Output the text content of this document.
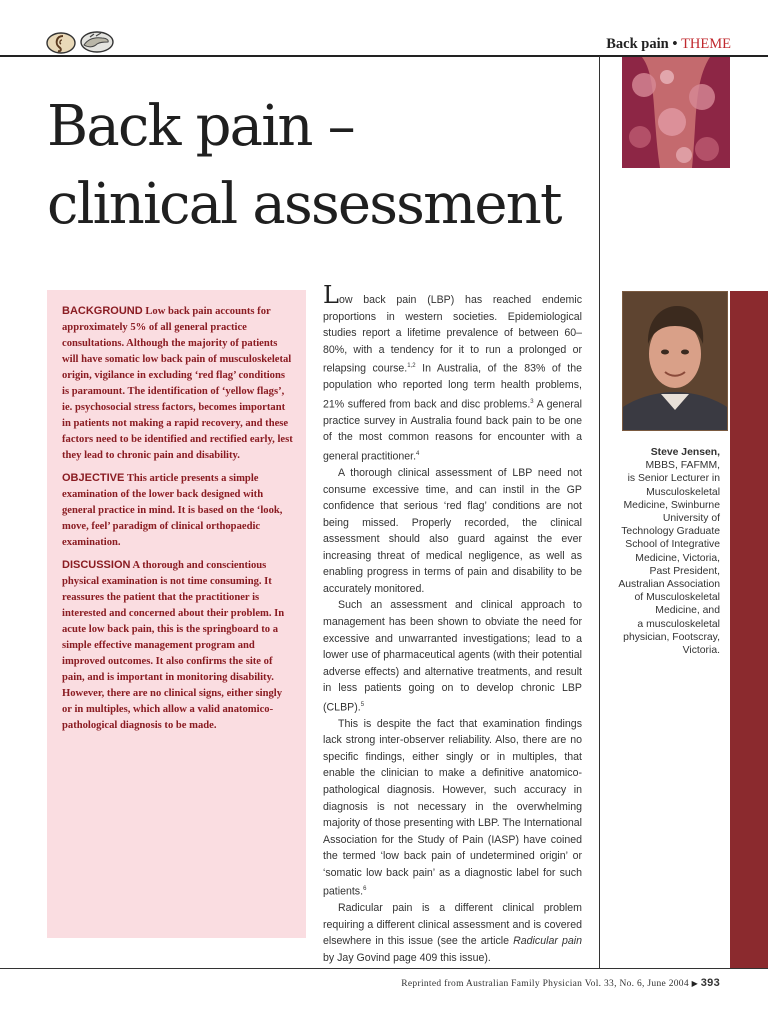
Back pain • THEME
Back pain –
clinical assessment

BACKGROUND Low back pain accounts for approximately 5% of all general practice consultations. Although the majority of patients will have somatic low back pain of musculoskeletal origin, vigilance in excluding ‘red flag’ conditions is paramount. The identification of ‘yellow flags’, ie. psychosocial stress factors, becomes important in patients not making a rapid recovery, and these factors need to be identified and rectified early, lest they lead to chronic pain and disability.

OBJECTIVE This article presents a simple examination of the lower back designed with general practice in mind. It is based on the ‘look, move, feel’ paradigm of clinical orthopaedic examination.

DISCUSSION A thorough and conscientious physical examination is not time consuming. It reassures the patient that the practitioner is interested and concerned about their problem. In acute low back pain, this is the springboard to a simple effective management program and improved outcomes. It also confirms the site of pain, and is important in monitoring disability. However, there are no clinical signs, either singly or in multiples, which allow a valid anatomico-pathological diagnosis to be made.

Low back pain (LBP) has reached endemic proportions in western societies. Epidemiological studies report a lifetime prevalence of between 60–80%, with a tendency for it to run a prolonged or relapsing course.$^{1,2}$ In Australia, of the 83% of the population who reported long term health problems, 21% suffered from back and disc problems.$^3$ A general practice survey in Australia found back pain to be one of the most common reasons for encounter with a general practitioner.$^4$

A thorough clinical assessment of LBP need not consume excessive time, and can instil in the GP confidence that serious ‘red flag’ conditions are not being missed. Properly recorded, the clinical assessment should also guard against the ever increasing threat of medical negligence, as well as enabling progress in terms of pain and disability to be accurately monitored.

Such an assessment and clinical approach to management has been shown to obviate the need for excessive and unwarranted investigations; lead to a lower use of pharmaceutical agents (with their potential adverse effects) and alternative treatments, and result in less patients going on to develop chronic LBP (CLBP).$^5$

This is despite the fact that examination findings lack strong inter-observer reliability. Also, there are no specific findings, either singly or in multiples, that enable the clinician to make a definitive anatomico-pathological diagnosis. However, such accuracy in diagnosis is not necessary in the overwhelming majority of those presenting with LBP. The International Association for the Study of Pain (IASP) have coined the termed ‘low back pain of undetermined origin’ or ‘somatic low back pain’ as a diagnostic label for such patients.$^6$

Radicular pain is a different clinical problem requiring a different clinical assessment and is covered elsewhere in this issue (see the article Radicular pain by Jay Govind page 409 this issue).

Steve Jensen,
MBBS, FAFMM,
is Senior Lecturer in
Musculoskeletal
Medicine, Swinburne
University of
Technology Graduate
School of Integrative
Medicine, Victoria,
Past President,
Australian Association
of Musculoskeletal
Medicine, and
a musculoskeletal
physician, Footscray,
Victoria.
Reprinted from Australian Family Physician Vol. 33, No. 6, June 2004 ▶ 393
